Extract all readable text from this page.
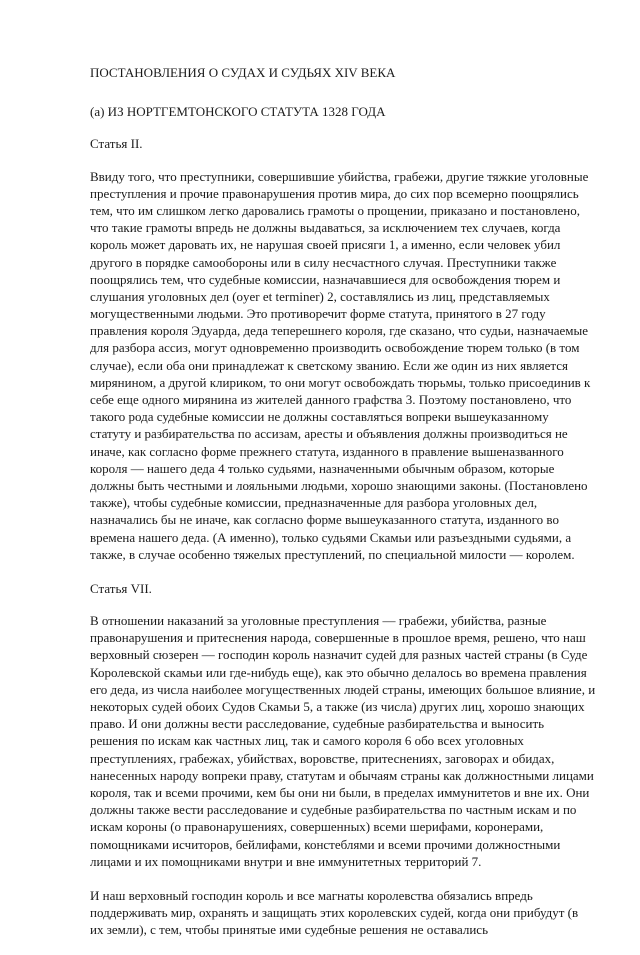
ПОСТАНОВЛЕНИЯ О СУДАХ И СУДЬЯХ XIV ВЕКА
(а) ИЗ НОРТГЕМТОНСКОГО СТАТУТА 1328 ГОДА
Статья II.
Ввиду того, что преступники, совершившие убийства, грабежи, другие тяжкие уголовные
преступления и прочие правонарушения против мира, до сих пор всемерно поощрялись
тем, что им слишком легко даровались грамоты о прощении, приказано и постановлено,
что такие грамоты впредь не должны выдаваться, за исключением тех случаев, когда
король может даровать их, не нарушая своей присяги 1, а именно, если человек убил
другого в порядке самообороны или в силу несчастного случая. Преступники также
поощрялись тем, что судебные комиссии, назначавшиеся для освобождения тюрем и
слушания уголовных дел (oyer et terminer) 2, составлялись из лиц, представляемых
могущественными людьми. Это противоречит форме статута, принятого в 27 году
правления короля Эдуарда, деда теперешнего короля, где сказано, что судьи, назначаемые
для разбора ассиз, могут одновременно производить освобождение тюрем только (в том
случае), если оба они принадлежат к светскому званию. Если же один из них является
мирянином, а другой клириком, то они могут освобождать тюрьмы, только присоединив к
себе еще одного мирянина из жителей данного графства 3. Поэтому постановлено, что
такого рода судебные комиссии не должны составляться вопреки вышеуказанному
статуту и разбирательства по ассизам, аресты и объявления должны производиться не
иначе, как согласно форме прежнего статута, изданного в правление вышеназванного
короля — нашего деда 4 только судьями, назначенными обычным образом, которые
должны быть честными и лояльными людьми, хорошо знающими законы. (Постановлено
также), чтобы судебные комиссии, предназначенные для разбора уголовных дел,
назначались бы не иначе, как согласно форме вышеуказанного статута, изданного во
времена нашего деда. (А именно), только судьями Скамьи или разъездными судьями, а
также, в случае особенно тяжелых преступлений, по специальной милости — королем.
Статья VII.
В отношении наказаний за уголовные преступления — грабежи, убийства, разные
правонарушения и притеснения народа, совершенные в прошлое время, решено, что наш
верховный сюзерен — господин король назначит судей для разных частей страны (в Суде
Королевской скамьи или где-нибудь еще), как это обычно делалось во времена правления
его деда, из числа наиболее могущественных людей страны, имеющих большое влияние, и
некоторых судей обоих Судов Скамьи 5, а также (из числа) других лиц, хорошо знающих
право. И они должны вести расследование, судебные разбирательства и выносить
решения по искам как частных лиц, так и самого короля 6 обо всех уголовных
преступлениях, грабежах, убийствах, воровстве, притеснениях, заговорах и обидах,
нанесенных народу вопреки праву, статутам и обычаям страны как должностными лицами
короля, так и всеми прочими, кем бы они ни были, в пределах иммунитетов и вне их. Они
должны также вести расследование и судебные разбирательства по частным искам и по
искам короны (о правонарушениях, совершенных) всеми шерифами, коронерами,
помощниками исчиторов, бейлифами, констеблями и всеми прочими должностными
лицами и их помощниками внутри и вне иммунитетных территорий 7.
И наш верховный господин король и все магнаты королевства обязались впредь
поддерживать мир, охранять и защищать этих королевских судей, когда они прибудут (в
их земли), с тем, чтобы принятые ими судебные решения не оставались
